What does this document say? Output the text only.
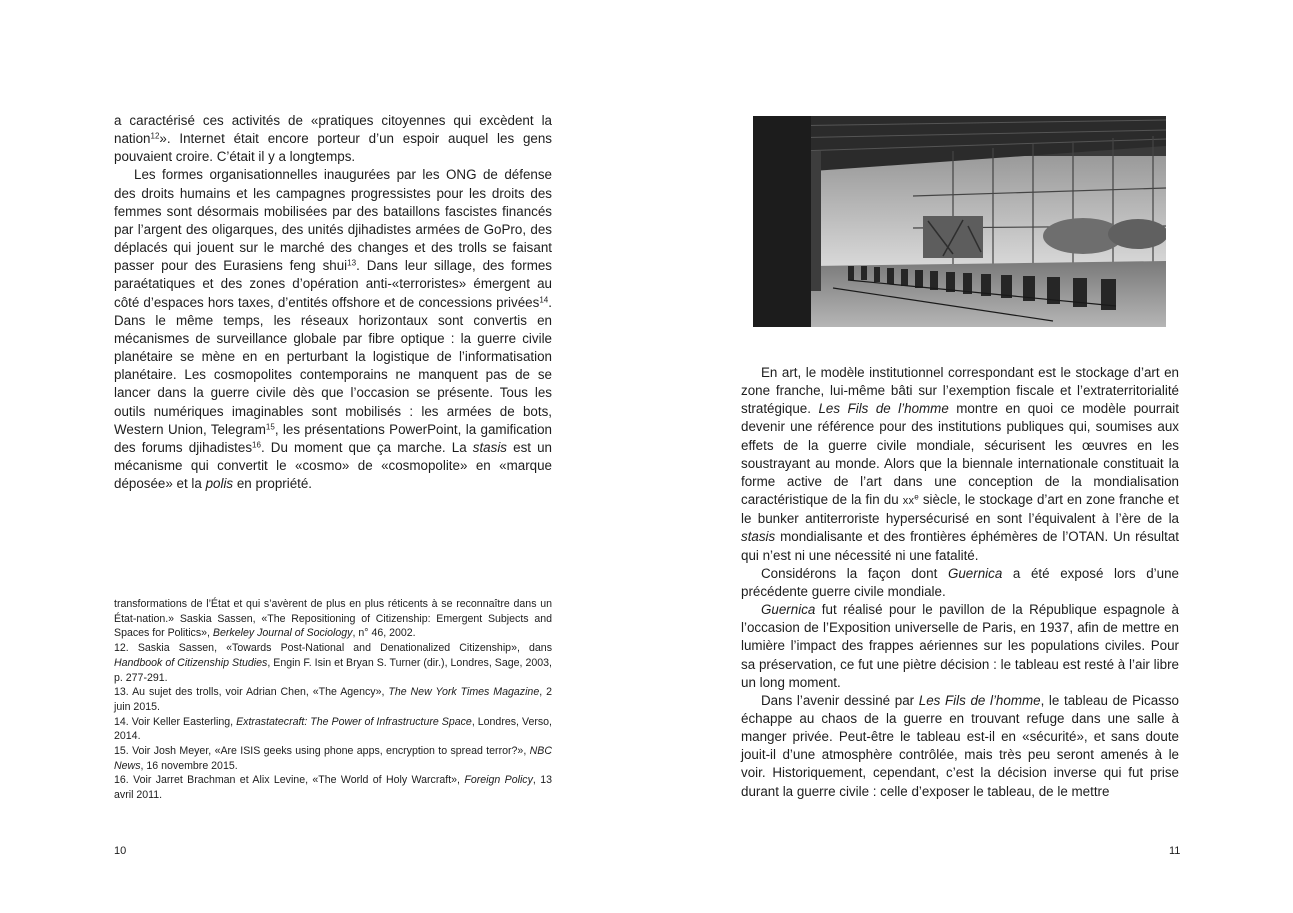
a caractérisé ces activités de «pratiques citoyennes qui excèdent la nation$^{12}$». Internet était encore porteur d’un espoir auquel les gens pouvaient croire. C’était il y a longtemps.

Les formes organisationnelles inaugurées par les ONG de défense des droits humains et les campagnes progressistes pour les droits des femmes sont désormais mobilisées par des bataillons fascistes financés par l’argent des oligarques, des unités djihadistes armées de GoPro, des déplacés qui jouent sur le marché des changes et des trolls se faisant passer pour des Eurasiens feng shui$^{13}$. Dans leur sillage, des formes paraétatiques et des zones d’opération anti-«terroristes» émergent au côté d’espaces hors taxes, d’entités offshore et de concessions privées$^{14}$. Dans le même temps, les réseaux horizontaux sont convertis en mécanismes de surveillance globale par fibre optique : la guerre civile planétaire se mène en en perturbant la logistique de l’informatisation planétaire. Les cosmopolites contemporains ne manquent pas de se lancer dans la guerre civile dès que l’occasion se présente. Tous les outils numériques imaginables sont mobilisés : les armées de bots, Western Union, Telegram$^{15}$, les présentations PowerPoint, la gamification des forums djihadistes$^{16}$. Du moment que ça marche. La stasis est un mécanisme qui convertit le «cosmo» de «cosmopolite» en «marque déposée» et la polis en propriété.

transformations de l’État et qui s’avèrent de plus en plus réticents à se reconnaître dans un État-nation.» Saskia Sassen, «The Repositioning of Citizenship: Emergent Subjects and Spaces for Politics», Berkeley Journal of Sociology, n° 46, 2002.

12. Saskia Sassen, «Towards Post-National and Denationalized Citizenship», dans Handbook of Citizenship Studies, Engin F. Isin et Bryan S. Turner (dir.), Londres, Sage, 2003, p. 277-291.

13. Au sujet des trolls, voir Adrian Chen, «The Agency», The New York Times Magazine, 2 juin 2015.

14. Voir Keller Easterling, Extrastatecraft: The Power of Infrastructure Space, Londres, Verso, 2014.

15. Voir Josh Meyer, «Are ISIS geeks using phone apps, encryption to spread terror?», NBC News, 16 novembre 2015.

16. Voir Jarret Brachman et Alix Levine, «The World of Holy Warcraft», Foreign Policy, 13 avril 2011.

10

En art, le modèle institutionnel correspondant est le stockage d’art en zone franche, lui-même bâti sur l’exemption fiscale et l’extraterritorialité stratégique. Les Fils de l’homme montre en quoi ce modèle pourrait devenir une référence pour des institutions publiques qui, soumises aux effets de la guerre civile mondiale, sécurisent les œuvres en les soustrayant au monde. Alors que la biennale internationale constituait la forme active de l’art dans une conception de la mondialisation caractéristique de la fin du $xx^e$ siècle, le stockage d’art en zone franche et le bunker antiterroriste hypersécurisé en sont l’équivalent à l’ère de la stasis mondialisante et des frontières éphémères de l’OTAN. Un résultat qui n’est ni une nécessité ni une fatalité.

Considérons la façon dont Guernica a été exposé lors d’une précédente guerre civile mondiale.

Guernica fut réalisé pour le pavillon de la République espagnole à l’occasion de l’Exposition universelle de Paris, en 1937, afin de mettre en lumière l’impact des frappes aériennes sur les populations civiles. Pour sa préservation, ce fut une piètre décision : le tableau est resté à l’air libre un long moment.

Dans l’avenir dessiné par Les Fils de l’homme, le tableau de Picasso échappe au chaos de la guerre en trouvant refuge dans une salle à manger privée. Peut-être le tableau est-il en «sécurité», et sans doute jouit-il d’une atmosphère contrôlée, mais très peu seront amenés à le voir. Historiquement, cependant, c’est la décision inverse qui fut prise durant la guerre civile : celle d’exposer le tableau, de le mettre

11
